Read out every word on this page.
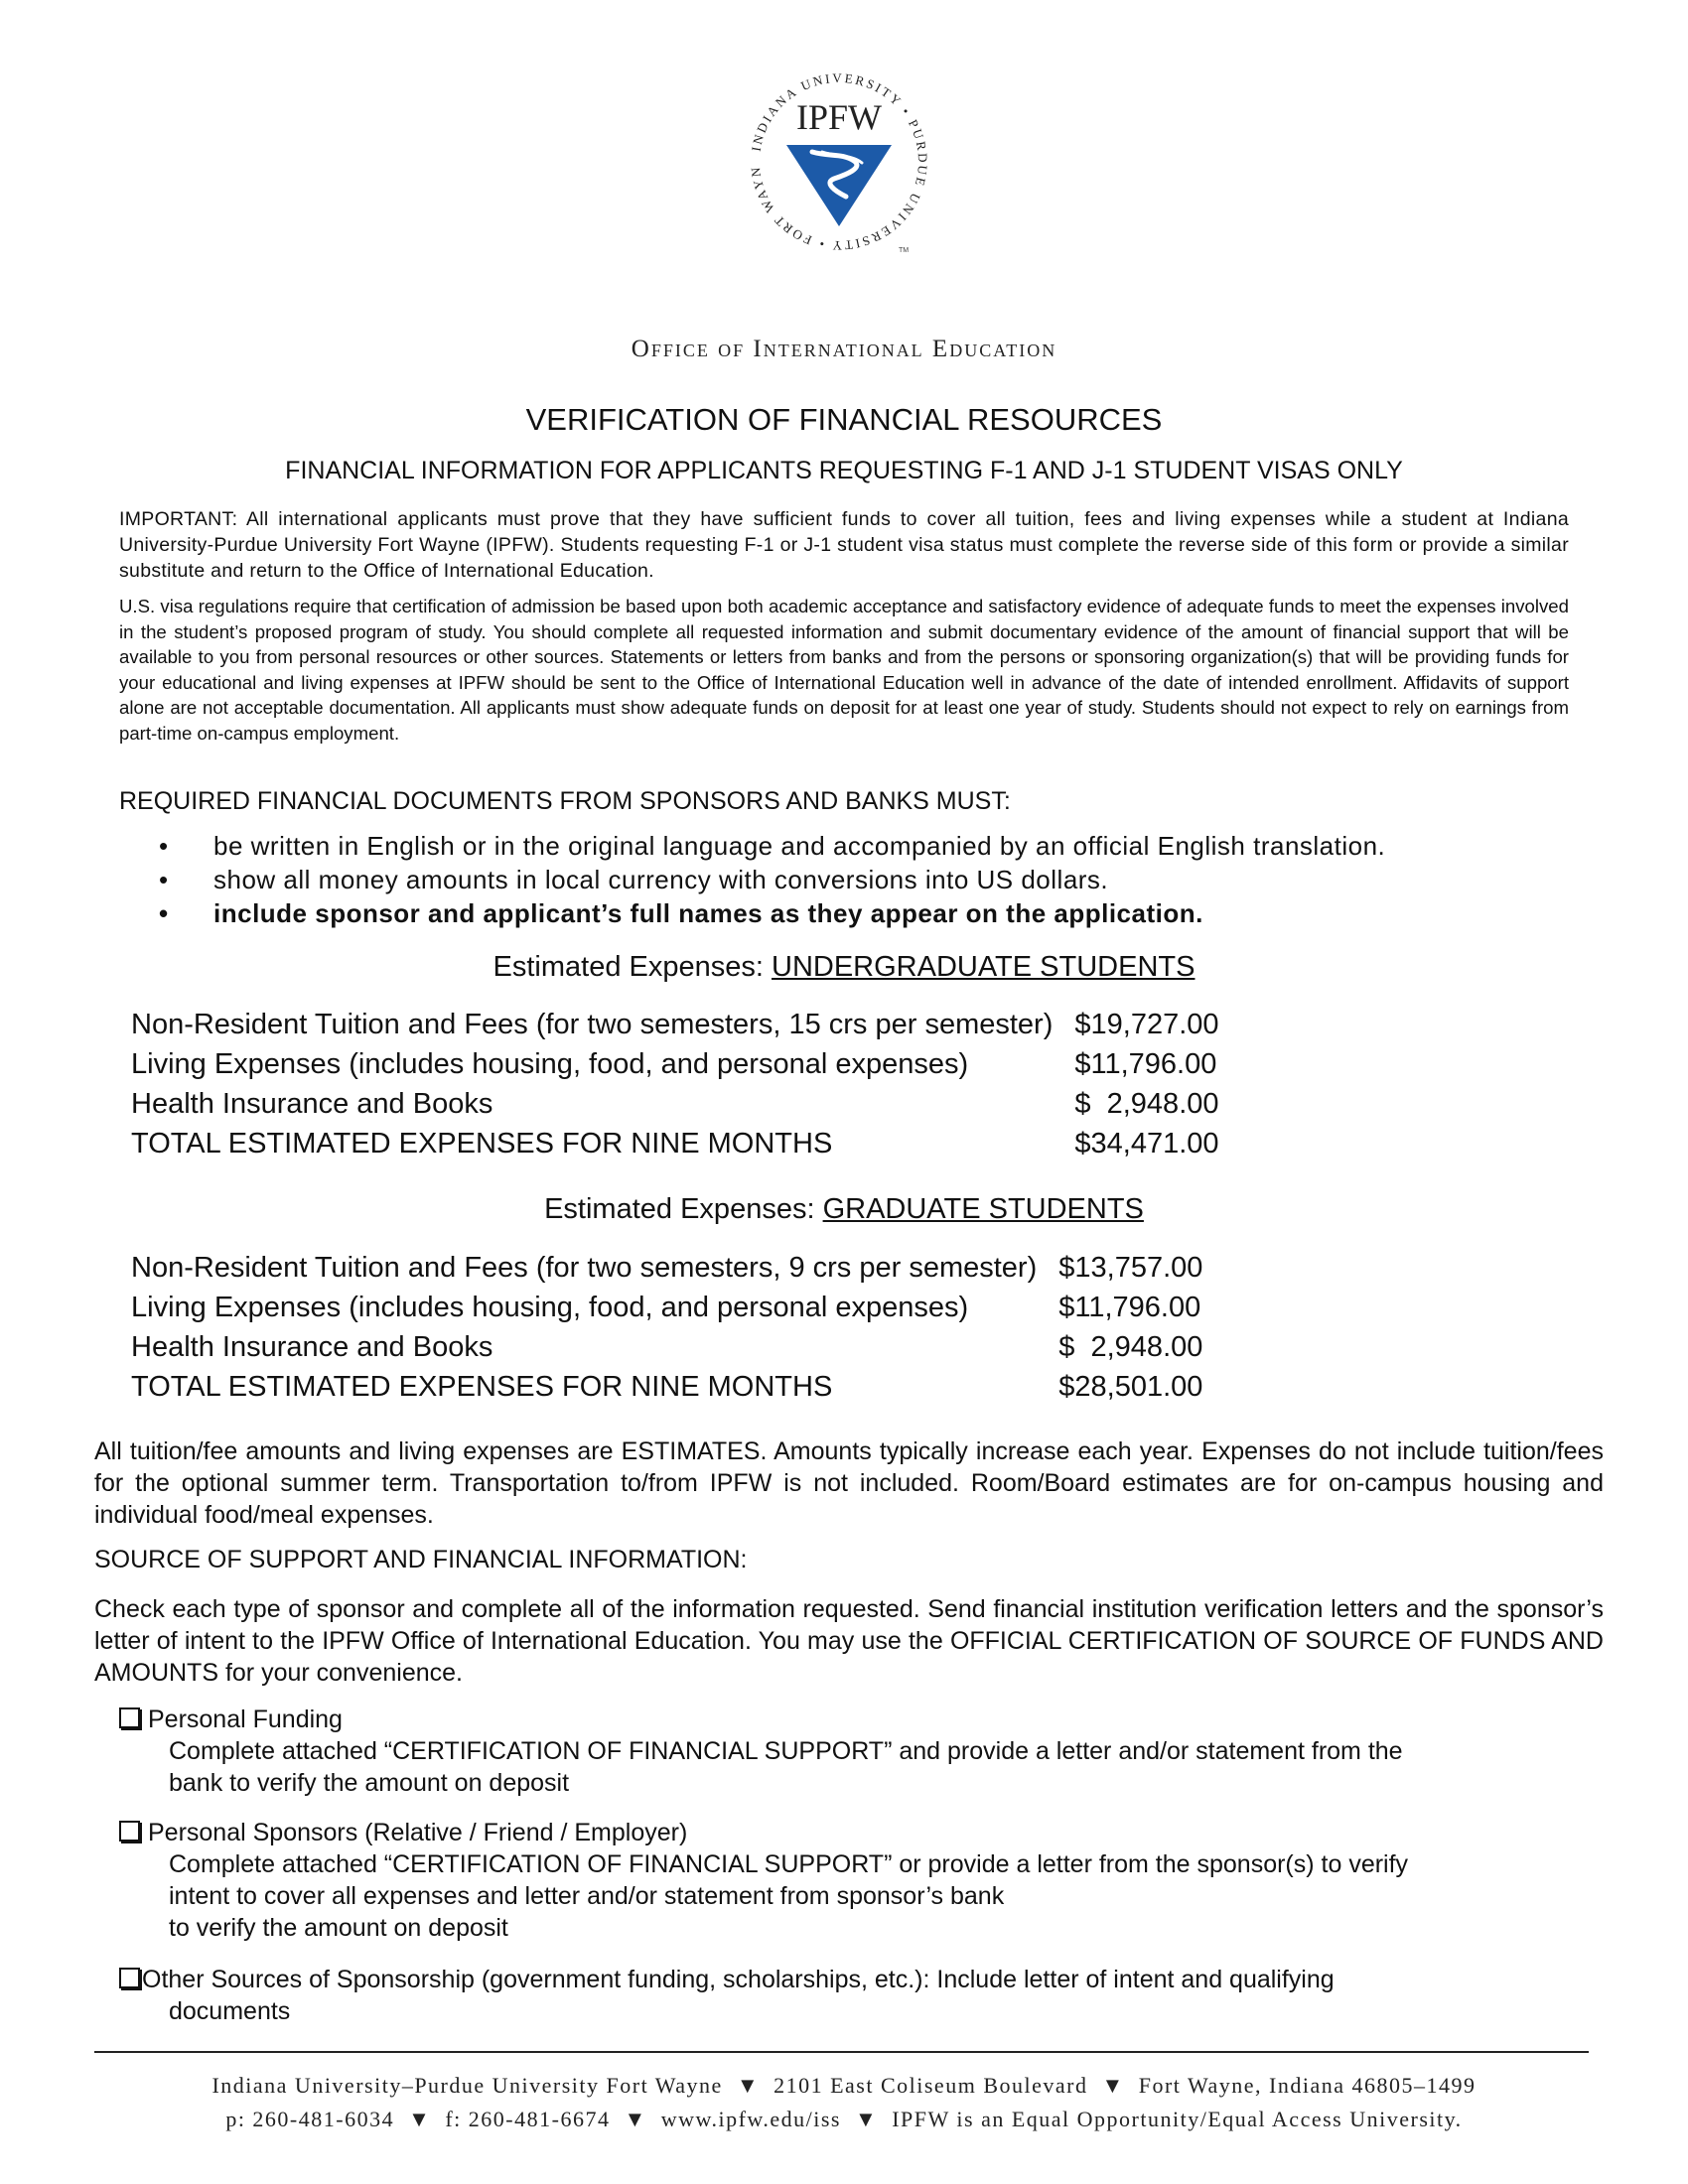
INDIANA UNIVERSITY • PURDUE UNIVERSITY • FORT WAYN
IPFW
TM
Office of International Education
VERIFICATION OF FINANCIAL RESOURCES
FINANCIAL INFORMATION FOR APPLICANTS REQUESTING F-1 AND J-1 STUDENT VISAS ONLY
IMPORTANT: All international applicants must prove that they have sufficient funds to cover all tuition, fees and living expenses while a student at Indiana University-Purdue University Fort Wayne (IPFW). Students requesting F-1 or J-1 student visa status must complete the reverse side of this form or provide a similar substitute and return to the Office of International Education.
U.S. visa regulations require that certification of admission be based upon both academic acceptance and satisfactory evidence of adequate funds to meet the expenses involved in the student’s proposed program of study. You should complete all requested information and submit documentary evidence of the amount of financial support that will be available to you from personal resources or other sources. Statements or letters from banks and from the persons or sponsoring organization(s) that will be providing funds for your educational and living expenses at IPFW should be sent to the Office of International Education well in advance of the date of intended enrollment. Affidavits of support alone are not acceptable documentation. All applicants must show adequate funds on deposit for at least one year of study. Students should not expect to rely on earnings from part-time on-campus employment.
REQUIRED FINANCIAL DOCUMENTS FROM SPONSORS AND BANKS MUST:
• be written in English or in the original language and accompanied by an official English translation.
• show all money amounts in local currency with conversions into US dollars.
• include sponsor and applicant’s full names as they appear on the application.
Estimated Expenses: UNDERGRADUATE STUDENTS
Non-Resident Tuition and Fees (for two semesters, 15 crs per semester)	$19,727.00
Living Expenses (includes housing, food, and personal expenses)	$11,796.00
Health Insurance and Books	$  2,948.00
TOTAL ESTIMATED EXPENSES FOR NINE MONTHS	$34,471.00
Estimated Expenses: GRADUATE STUDENTS
Non-Resident Tuition and Fees (for two semesters, 9 crs per semester)	$13,757.00
Living Expenses (includes housing, food, and personal expenses)	$11,796.00
Health Insurance and Books	$  2,948.00
TOTAL ESTIMATED EXPENSES FOR NINE MONTHS	$28,501.00
All tuition/fee amounts and living expenses are ESTIMATES. Amounts typically increase each year. Expenses do not include tuition/fees for the optional summer term. Transportation to/from IPFW is not included. Room/Board estimates are for on-campus housing and individual food/meal expenses.
SOURCE OF SUPPORT AND FINANCIAL INFORMATION:
Check each type of sponsor and complete all of the information requested. Send financial institution verification letters and the sponsor’s letter of intent to the IPFW Office of International Education. You may use the OFFICIAL CERTIFICATION OF SOURCE OF FUNDS AND AMOUNTS for your convenience.
Personal Funding
Complete attached “CERTIFICATION OF FINANCIAL SUPPORT” and provide a letter and/or statement from the
bank to verify the amount on deposit
Personal Sponsors (Relative / Friend / Employer)
Complete attached “CERTIFICATION OF FINANCIAL SUPPORT” or provide a letter from the sponsor(s) to verify
intent to cover all expenses and letter and/or statement from sponsor’s bank
to verify the amount on deposit
Other Sources of Sponsorship (government funding, scholarships, etc.): Include letter of intent and qualifying
documents
Indiana University–Purdue University Fort Wayne  ▼  2101 East Coliseum Boulevard  ▼  Fort Wayne, Indiana 46805–1499
p: 260-481-6034  ▼  f: 260-481-6674  ▼  www.ipfw.edu/iss  ▼  IPFW is an Equal Opportunity/Equal Access University.
